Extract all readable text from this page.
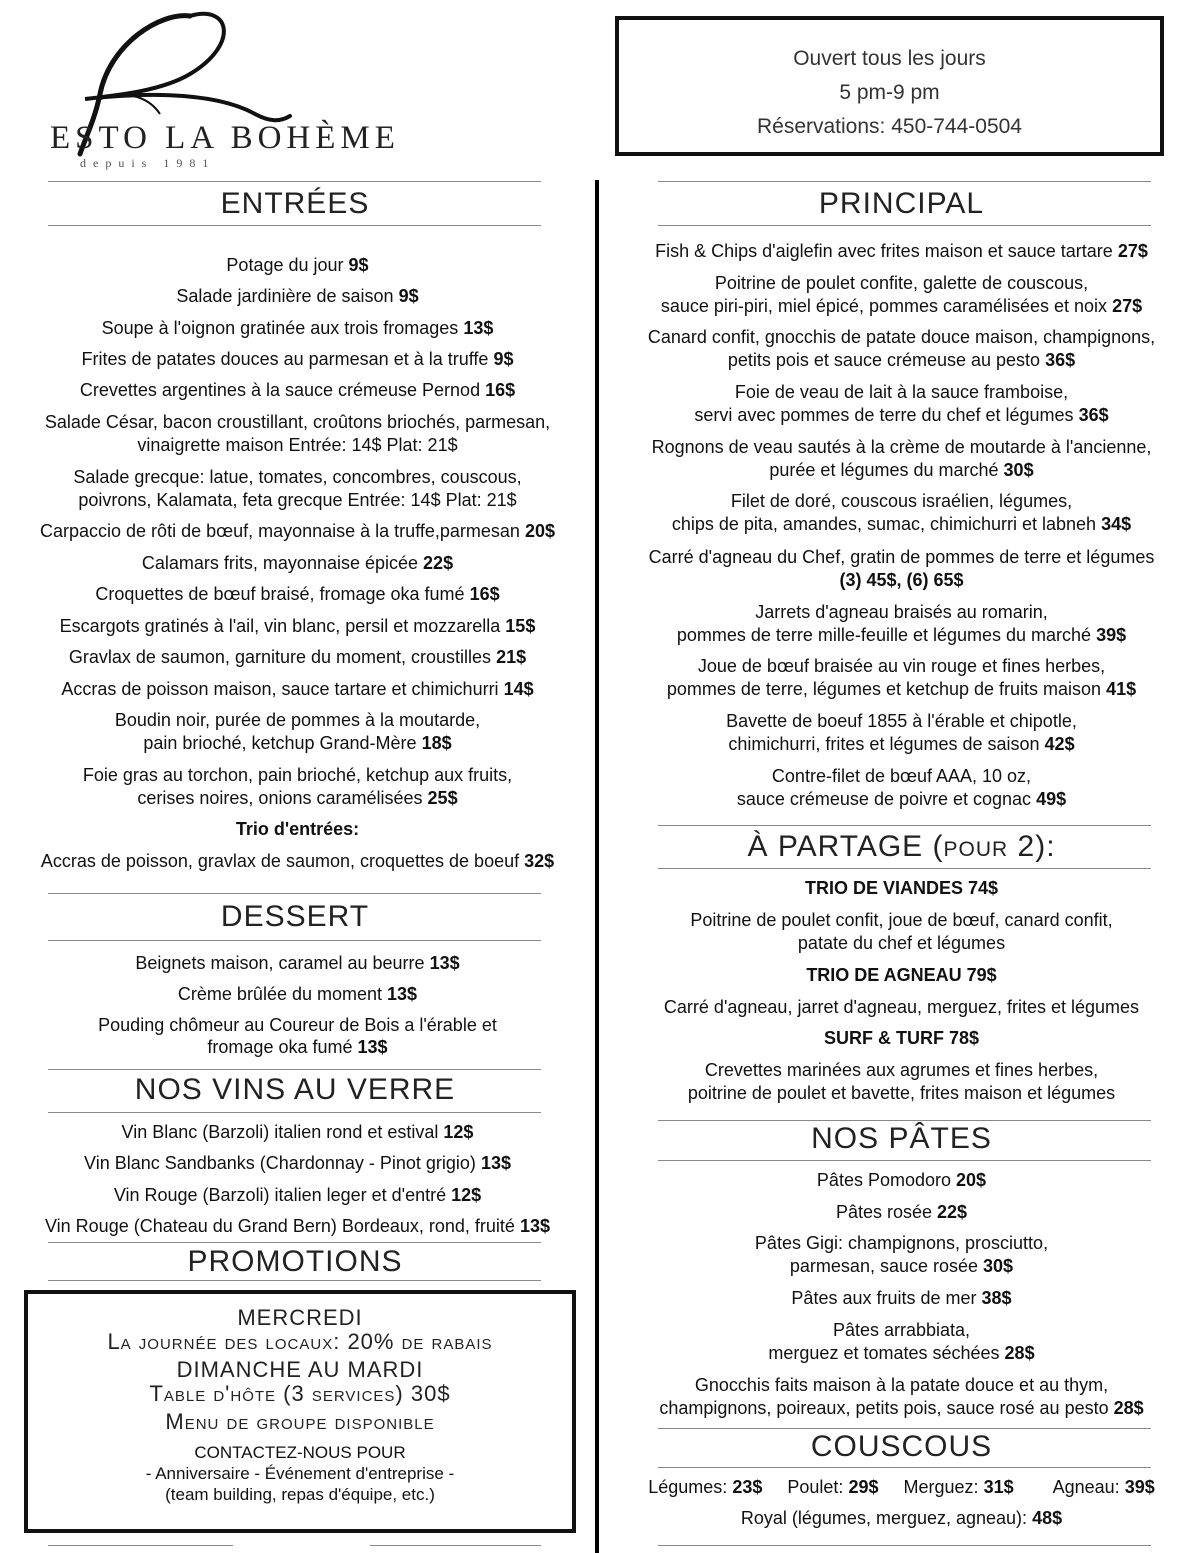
ESTO LA BOHÈME
depuis 1981
Ouvert tous les jours
5 pm-9 pm
Réservations: 450-744-0504
ENTRÉES
Potage du jour 9$
Salade jardinière de saison 9$
Soupe à l'oignon gratinée aux trois fromages 13$
Frites de patates douces au parmesan et à la truffe 9$
Crevettes argentines à la sauce crémeuse Pernod 16$
Salade César, bacon croustillant, croûtons briochés, parmesan,
vinaigrette maison Entrée: 14$ Plat: 21$
Salade grecque: latue, tomates, concombres, couscous,
poivrons, Kalamata, feta grecque Entrée: 14$ Plat: 21$
Carpaccio de rôti de bœuf, mayonnaise à la truffe,parmesan 20$
Calamars frits, mayonnaise épicée 22$
Croquettes de bœuf braisé, fromage oka fumé 16$
Escargots gratinés à l'ail, vin blanc, persil et mozzarella 15$
Gravlax de saumon, garniture du moment, croustilles 21$
Accras de poisson maison, sauce tartare et chimichurri 14$
Boudin noir, purée de pommes à la moutarde,
pain brioché, ketchup Grand-Mère 18$
Foie gras au torchon, pain brioché, ketchup aux fruits,
cerises noires, onions caramélisées 25$
Trio d'entrées:
Accras de poisson, gravlax de saumon, croquettes de boeuf 32$
DESSERT
Beignets maison, caramel au beurre 13$
Crème brûlée du moment 13$
Pouding chômeur au Coureur de Bois a l'érable et
fromage oka fumé 13$
NOS VINS AU VERRE
Vin Blanc (Barzoli) italien rond et estival 12$
Vin Blanc Sandbanks (Chardonnay - Pinot grigio) 13$
Vin Rouge (Barzoli) italien leger et d'entré 12$
Vin Rouge (Chateau du Grand Bern) Bordeaux, rond, fruité 13$
PROMOTIONS
MERCREDI
La journée des locaux: 20% de rabais
DIMANCHE AU MARDI
Table d'hôte (3 services) 30$
Menu de groupe disponible
CONTACTEZ-NOUS POUR
- Anniversaire - Événement d'entreprise -
(team building, repas d'équipe, etc.)
PRINCIPAL
Fish & Chips d'aiglefin avec frites maison et sauce tartare 27$
Poitrine de poulet confite, galette de couscous,
sauce piri-piri, miel épicé, pommes caramélisées et noix 27$
Canard confit, gnocchis de patate douce maison, champignons,
petits pois et sauce crémeuse au pesto 36$
Foie de veau de lait à la sauce framboise,
servi avec pommes de terre du chef et légumes 36$
Rognons de veau sautés à la crème de moutarde à l'ancienne,
purée et légumes du marché 30$
Filet de doré, couscous israélien, légumes,
chips de pita, amandes, sumac, chimichurri et labneh 34$
Carré d'agneau du Chef, gratin de pommes de terre et légumes
(3) 45$, (6) 65$
Jarrets d'agneau braisés au romarin,
pommes de terre mille-feuille et légumes du marché 39$
Joue de bœuf braisée au vin rouge et fines herbes,
pommes de terre, légumes et ketchup de fruits maison 41$
Bavette de boeuf 1855 à l'érable et chipotle,
chimichurri, frites et légumes de saison 42$
Contre-filet de bœuf AAA, 10 oz,
sauce crémeuse de poivre et cognac 49$
À PARTAGE (pour 2):
TRIO DE VIANDES 74$
Poitrine de poulet confit, joue de bœuf, canard confit,
patate du chef et légumes
TRIO DE AGNEAU 79$
Carré d'agneau, jarret d'agneau, merguez, frites et légumes
SURF & TURF 78$
Crevettes marinées aux agrumes et fines herbes,
poitrine de poulet et bavette, frites maison et légumes
NOS PÂTES
Pâtes Pomodoro 20$
Pâtes rosée 22$
Pâtes Gigi: champignons, prosciutto,
parmesan, sauce rosée 30$
Pâtes aux fruits de mer 38$
Pâtes arrabbiata,
merguez et tomates séchées 28$
Gnocchis faits maison à la patate douce et au thym,
champignons, poireaux, petits pois, sauce rosé au pesto 28$
COUSCOUS
Légumes: 23$ Poulet: 29$ Merguez: 31$ Agneau: 39$
Royal (légumes, merguez, agneau): 48$
